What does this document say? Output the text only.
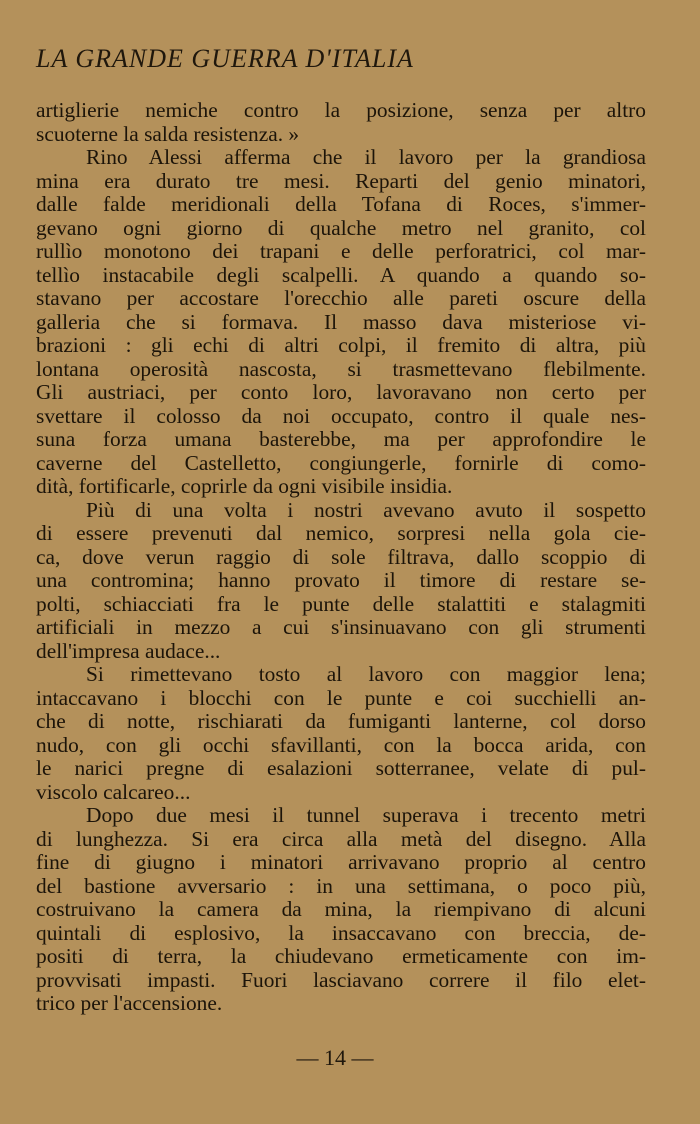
LA GRANDE GUERRA D'ITALIA
artiglierie nemiche contro la posizione, senza per altro
scuoterne la salda resistenza. »
Rino Alessi afferma che il lavoro per la grandiosa
mina era durato tre mesi. Reparti del genio minatori,
dalle falde meridionali della Tofana di Roces, s'immer-
gevano ogni giorno di qualche metro nel granito, col
rullìo monotono dei trapani e delle perforatrici, col mar-
tellìo instacabile degli scalpelli. A quando a quando so-
stavano per accostare l'orecchio alle pareti oscure della
galleria che si formava. Il masso dava misteriose vi-
brazioni : gli echi di altri colpi, il fremito di altra, più
lontana operosità nascosta, si trasmettevano flebilmente.
Gli austriaci, per conto loro, lavoravano non certo per
svettare il colosso da noi occupato, contro il quale nes-
suna forza umana basterebbe, ma per approfondire le
caverne del Castelletto, congiungerle, fornirle di como-
dità, fortificarle, coprirle da ogni visibile insidia.
Più di una volta i nostri avevano avuto il sospetto
di essere prevenuti dal nemico, sorpresi nella gola cie-
ca, dove verun raggio di sole filtrava, dallo scoppio di
una contromina; hanno provato il timore di restare se-
polti, schiacciati fra le punte delle stalattiti e stalagmiti
artificiali in mezzo a cui s'insinuavano con gli strumenti
dell'impresa audace...
Si rimettevano tosto al lavoro con maggior lena;
intaccavano i blocchi con le punte e coi succhielli an-
che di notte, rischiarati da fumiganti lanterne, col dorso
nudo, con gli occhi sfavillanti, con la bocca arida, con
le narici pregne di esalazioni sotterranee, velate di pul-
viscolo calcareo...
Dopo due mesi il tunnel superava i trecento metri
di lunghezza. Si era circa alla metà del disegno. Alla
fine di giugno i minatori arrivavano proprio al centro
del bastione avversario : in una settimana, o poco più,
costruivano la camera da mina, la riempivano di alcuni
quintali di esplosivo, la insaccavano con breccia, de-
positi di terra, la chiudevano ermeticamente con im-
provvisati impasti. Fuori lasciavano correre il filo elet-
trico per l'accensione.
— 14 —
